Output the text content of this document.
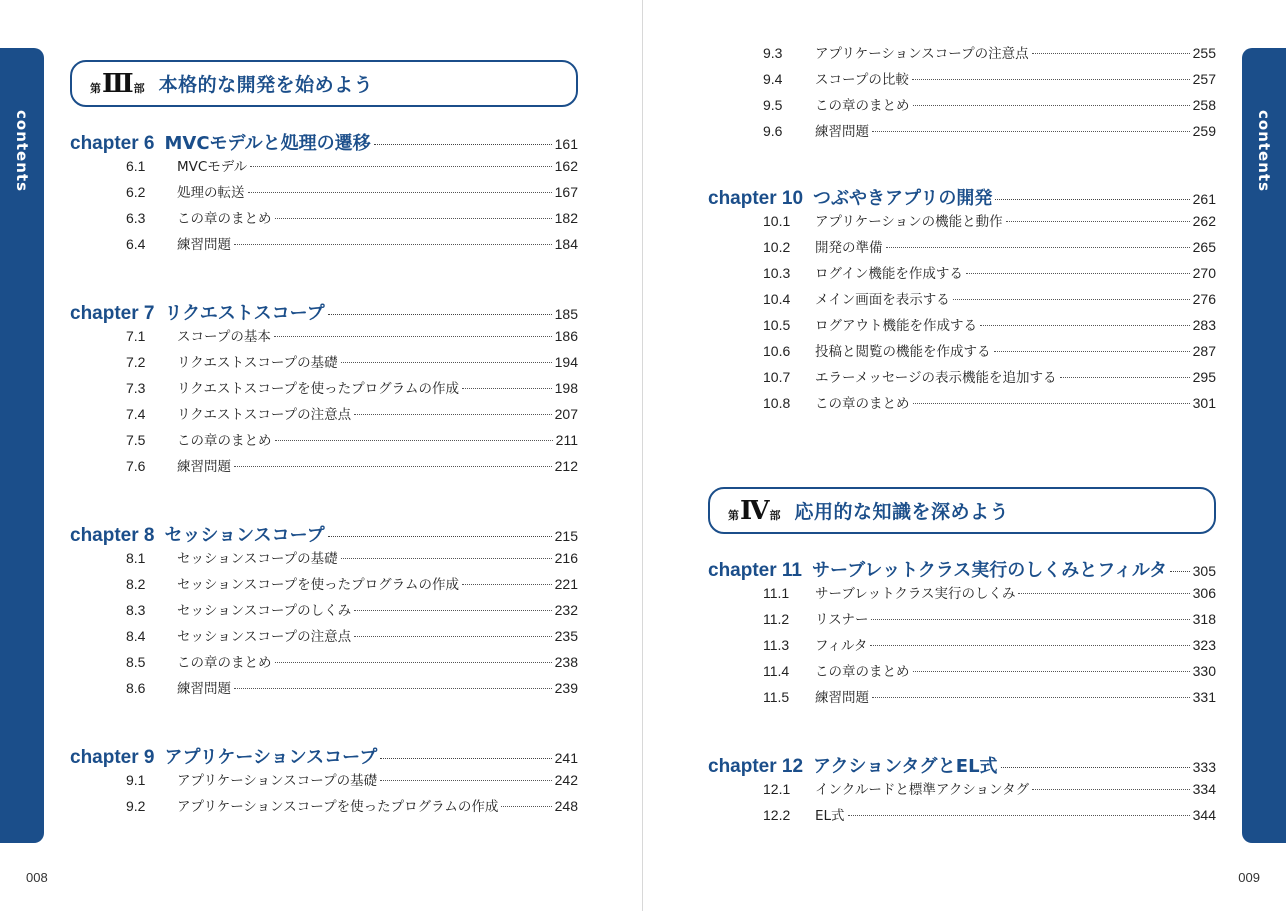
contents
第 Ⅲ 部 本格的な開発を始めよう
chapter 6 MVCモデルと処理の遷移	161
6.1	MVCモデル	162
6.2	処理の転送	167
6.3	この章のまとめ	182
6.4	練習問題	184
chapter 7 リクエストスコープ	185
7.1	スコープの基本	186
7.2	リクエストスコープの基礎	194
7.3	リクエストスコープを使ったプログラムの作成	198
7.4	リクエストスコープの注意点	207
7.5	この章のまとめ	211
7.6	練習問題	212
chapter 8 セッションスコープ	215
8.1	セッションスコープの基礎	216
8.2	セッションスコープを使ったプログラムの作成	221
8.3	セッションスコープのしくみ	232
8.4	セッションスコープの注意点	235
8.5	この章のまとめ	238
8.6	練習問題	239
chapter 9 アプリケーションスコープ	241
9.1	アプリケーションスコープの基礎	242
9.2	アプリケーションスコープを使ったプログラムの作成	248
008
contents
9.3	アプリケーションスコープの注意点	255
9.4	スコープの比較	257
9.5	この章のまとめ	258
9.6	練習問題	259
chapter 10 つぶやきアプリの開発	261
10.1	アプリケーションの機能と動作	262
10.2	開発の準備	265
10.3	ログイン機能を作成する	270
10.4	メイン画面を表示する	276
10.5	ログアウト機能を作成する	283
10.6	投稿と閲覧の機能を作成する	287
10.7	エラーメッセージの表示機能を追加する	295
10.8	この章のまとめ	301
第 Ⅳ 部 応用的な知識を深めよう
chapter 11 サーブレットクラス実行のしくみとフィルタ 305
11.1	サーブレットクラス実行のしくみ	306
11.2	リスナー	318
11.3	フィルタ	323
11.4	この章のまとめ	330
11.5	練習問題	331
chapter 12 アクションタグとEL式	333
12.1	インクルードと標準アクションタグ	334
12.2	EL式	344
009
